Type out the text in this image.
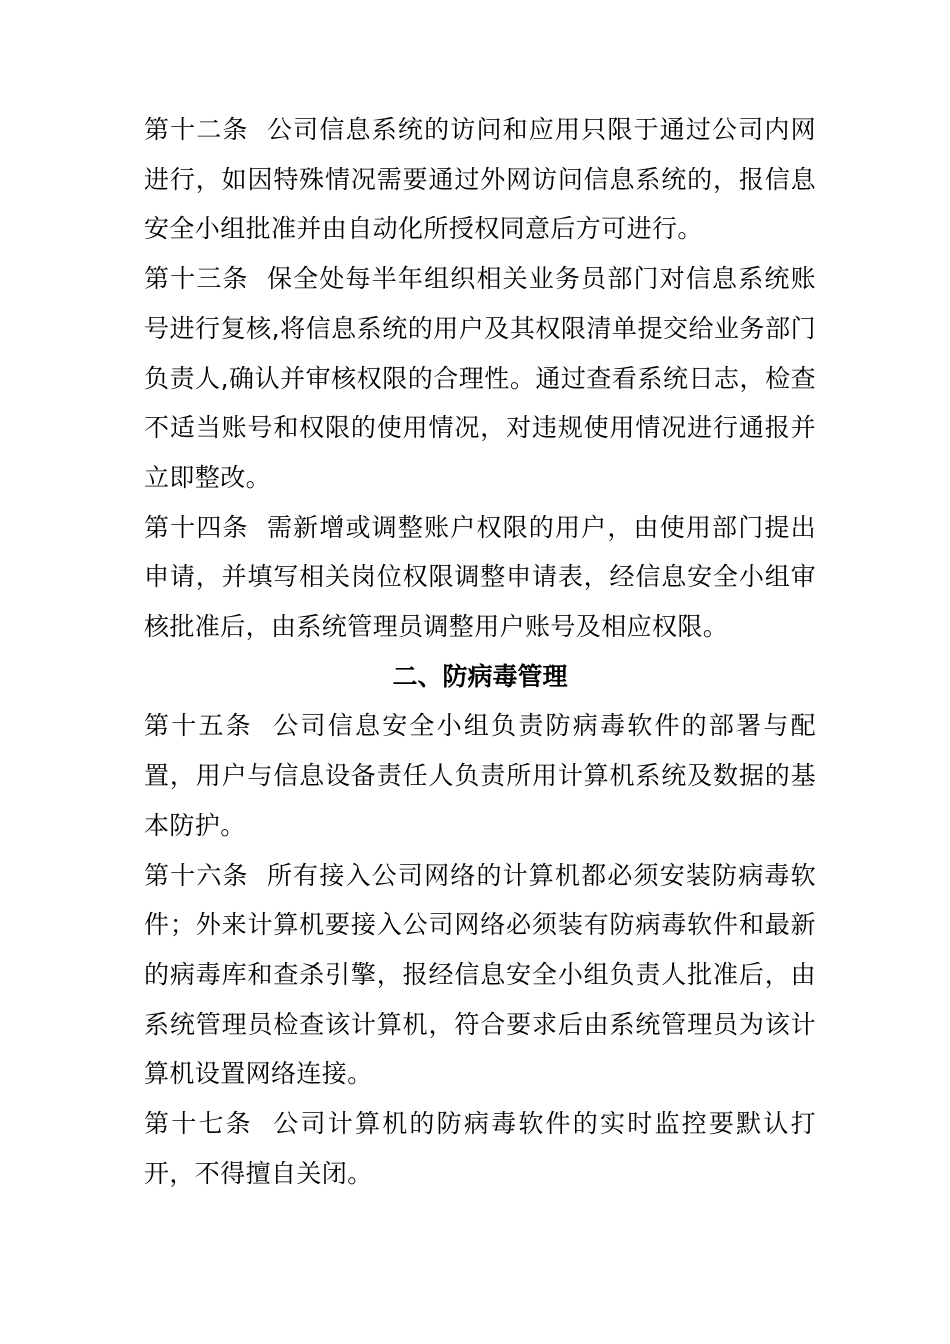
第十二条 公司信息系统的访问和应用只限于通过公司内网进行，如因特殊情况需要通过外网访问信息系统的，报信息安全小组批准并由自动化所授权同意后方可进行。

第十三条 保全处每半年组织相关业务员部门对信息系统账号进行复核,将信息系统的用户及其权限清单提交给业务部门负责人,确认并审核权限的合理性。通过查看系统日志，检查不适当账号和权限的使用情况，对违规使用情况进行通报并立即整改。

第十四条 需新增或调整账户权限的用户，由使用部门提出申请，并填写相关岗位权限调整申请表，经信息安全小组审核批准后，由系统管理员调整用户账号及相应权限。

二、防病毒管理

第十五条 公司信息安全小组负责防病毒软件的部署与配置，用户与信息设备责任人负责所用计算机系统及数据的基本防护。

第十六条 所有接入公司网络的计算机都必须安装防病毒软件；外来计算机要接入公司网络必须装有防病毒软件和最新的病毒库和查杀引擎，报经信息安全小组负责人批准后，由系统管理员检查该计算机，符合要求后由系统管理员为该计算机设置网络连接。

第十七条 公司计算机的防病毒软件的实时监控要默认打开，不得擅自关闭。
